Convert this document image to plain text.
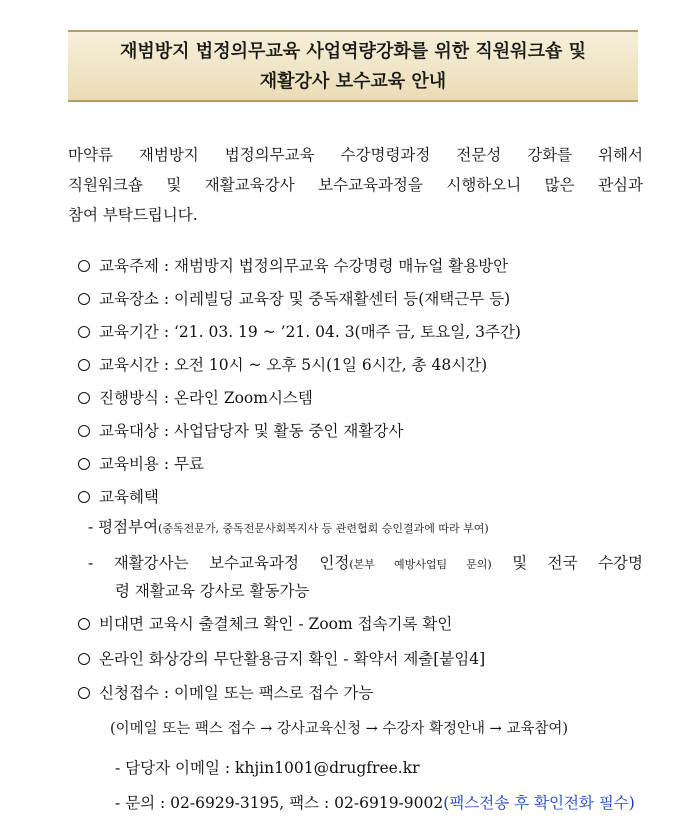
재범방지 법정의무교육 사업역량강화를 위한 직원워크숍 및
재활강사 보수교육 안내
마약류 재범방지 법정의무교육 수강명령과정 전문성 강화를 위해서
직원워크숍 및 재활교육강사 보수교육과정을 시행하오니 많은 관심과
참여 부탁드립니다.
교육주제 : 재범방지 법정의무교육 수강명령 매뉴얼 활용방안
교육장소 : 이레빌딩 교육장 및 중독재활센터 등(재택근무 등)
교육기간 : ‘21. 03. 19 ~ ’21. 04. 3(매주 금, 토요일, 3주간)
교육시간 : 오전 10시 ~ 오후 5시(1일 6시간, 총 48시간)
진행방식 : 온라인 Zoom시스템
교육대상 : 사업담당자 및 활동 중인 재활강사
교육비용 : 무료
교육혜택
- 평점부여(중독전문가, 중독전문사회복지사 등 관련협회 승인결과에 따라 부여)
- 재활강사는 보수교육과정 인정(본부 예방사업팀 문의) 및 전국 수강명
령 재활교육 강사로 활동가능
비대면 교육시 출결체크 확인 - Zoom 접속기록 확인
온라인 화상강의 무단활용금지 확인 - 확약서 제출[붙임4]
신청접수 : 이메일 또는 팩스로 접수 가능
(이메일 또는 팩스 접수 → 강사교육신청 → 수강자 확정안내 → 교육참여)
- 담당자 이메일 : khjin1001@drugfree.kr
- 문의 : 02-6929-3195, 팩스 : 02-6919-9002(팩스전송 후 확인전화 필수)
